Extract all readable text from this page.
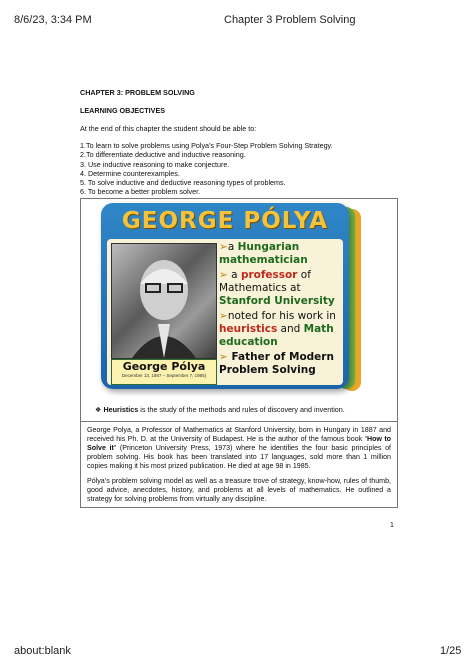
8/6/23, 3:34 PM	Chapter 3 Problem Solving
CHAPTER 3: PROBLEM SOLVING
LEARNING OBJECTIVES
At the end of this chapter the student should be able to:
1.To learn to solve problems using Polya’s Four-Step Problem Solving Strategy.
2.To differentiate deductive and inductive reasoning.
3. Use inductive reasoning to make conjecture.
4. Determine counterexamples.
5. To solve inductive and deductive reasoning types of problems.
6. To become a better problem solver.
GEORGE PÓLYA
George Pólya
December 13, 1887 – September 7, 1985)
➢a Hungarian mathematician
➢ a professor of Mathematics at Stanford University
➢noted for his work in heuristics and Math education
➢ Father of Modern Problem Solving
❖ Heuristics is the study of the methods and rules of discovery and invention.

George Polya, a Professor of Mathematics at Stanford University, born in Hungary in 1887 and received his Ph. D. at the University of Budapest. He is the author of the famous book “How to Solve it” (Princeton University Press, 1973) where he identifies the four basic principles of problem solving. His book has been translated into 17 languages, sold more than 1 million copies making it his most prized publication. He died at age 98 in 1985.

Pólya’s problem solving model as well as a treasure trove of strategy, know-how, rules of thumb, good advice, anecdotes, history, and problems at all levels of mathematics. He outlined a strategy for solving problems from virtually any discipline.

1
about:blank	1/25
